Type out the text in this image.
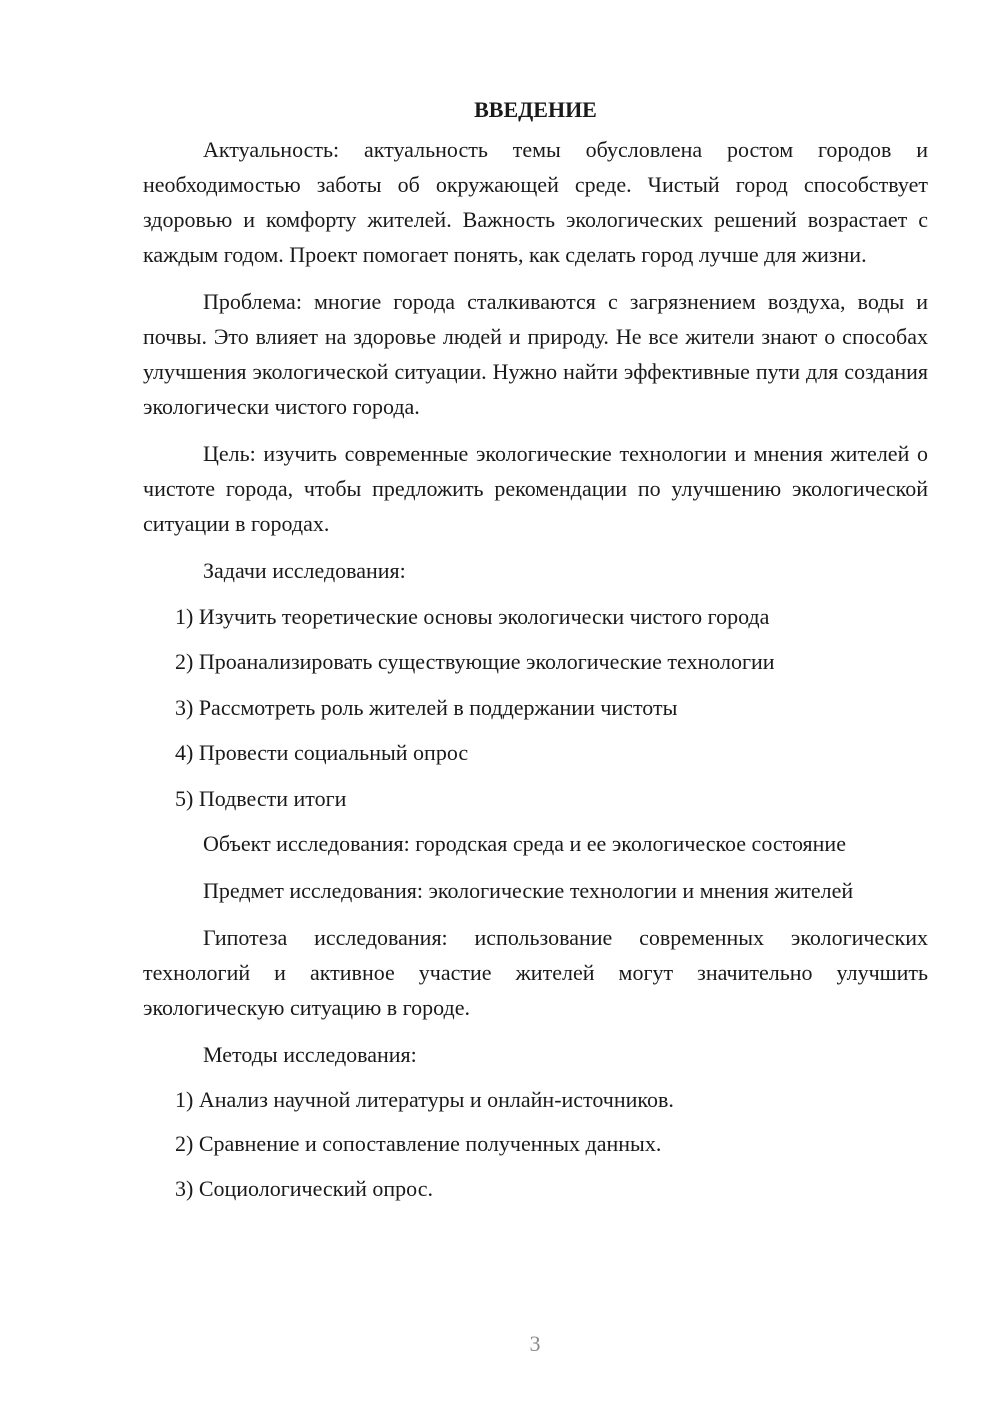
ВВЕДЕНИЕ

Актуальность: актуальность темы обусловлена ростом городов и необходимостью заботы об окружающей среде. Чистый город способствует здоровью и комфорту жителей. Важность экологических решений возрастает с каждым годом. Проект помогает понять, как сделать город лучше для жизни.

Проблема: многие города сталкиваются с загрязнением воздуха, воды и почвы. Это влияет на здоровье людей и природу. Не все жители знают о способах улучшения экологической ситуации. Нужно найти эффективные пути для создания экологически чистого города.

Цель: изучить современные экологические технологии и мнения жителей о чистоте города, чтобы предложить рекомендации по улучшению экологической ситуации в городах.

Задачи исследования:

1) Изучить теоретические основы экологически чистого города

2) Проанализировать существующие экологические технологии

3) Рассмотреть роль жителей в поддержании чистоты

4) Провести социальный опрос

5) Подвести итоги

Объект исследования: городская среда и ее экологическое состояние

Предмет исследования: экологические технологии и мнения жителей

Гипотеза исследования: использование современных экологических технологий и активное участие жителей могут значительно улучшить экологическую ситуацию в городе.

Методы исследования:

1) Анализ научной литературы и онлайн-источников.

2) Сравнение и сопоставление полученных данных.

3) Социологический опрос.

3
